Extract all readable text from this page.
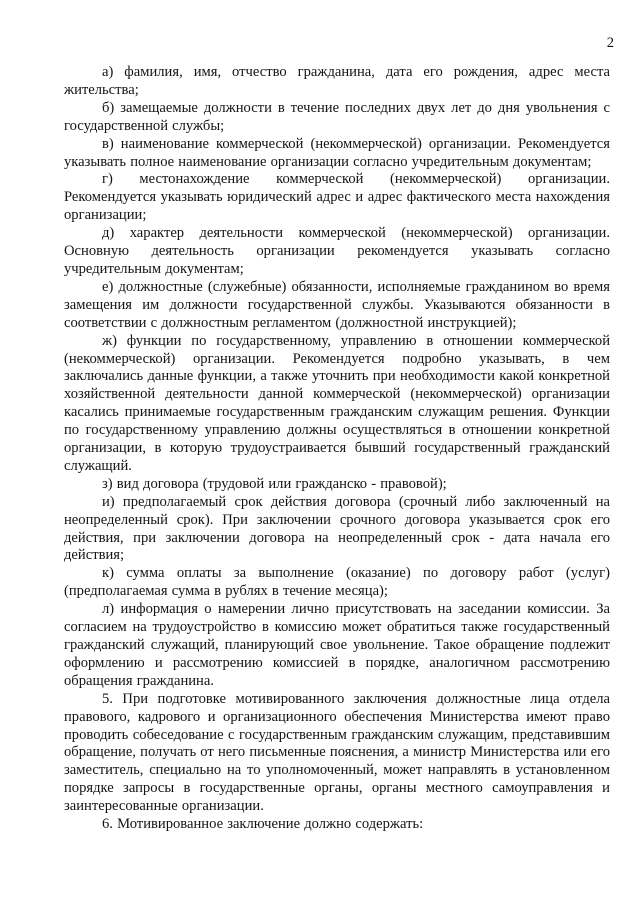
2

а) фамилия, имя, отчество гражданина, дата его рождения, адрес места жительства;

б) замещаемые должности в течение последних двух лет до дня увольнения с государственной службы;

в) наименование коммерческой (некоммерческой) организации. Рекомендуется указывать полное наименование организации согласно учредительным документам;

г) местонахождение коммерческой (некоммерческой) организации. Рекомендуется указывать юридический адрес и адрес фактического места нахождения организации;

д) характер деятельности коммерческой (некоммерческой) организации. Основную деятельность организации рекомендуется указывать согласно учредительным документам;

е) должностные (служебные) обязанности, исполняемые гражданином во время замещения им должности государственной службы. Указываются обязанности в соответствии с должностным регламентом (должностной инструкцией);

ж) функции по государственному, управлению в отношении коммерческой (некоммерческой) организации. Рекомендуется подробно указывать, в чем заключались данные функции, а также уточнить при необходимости какой конкретной хозяйственной деятельности данной коммерческой (некоммерческой) организации касались принимаемые государственным гражданским служащим решения. Функции по государственному управлению должны осуществляться в отношении конкретной организации, в которую трудоустраивается бывший государственный гражданский служащий.

з) вид договора (трудовой или гражданско - правовой);

и) предполагаемый срок действия договора (срочный либо заключенный на неопределенный срок). При заключении срочного договора указывается срок его действия, при заключении договора на неопределенный срок - дата начала его действия;

к) сумма оплаты за выполнение (оказание) по договору работ (услуг) (предполагаемая сумма в рублях в течение месяца);

л) информация о намерении лично присутствовать на заседании комиссии. За согласием на трудоустройство в комиссию может обратиться также государственный гражданский служащий, планирующий свое увольнение. Такое обращение подлежит оформлению и рассмотрению комиссией в порядке, аналогичном рассмотрению обращения гражданина.

5. При подготовке мотивированного заключения должностные лица отдела правового, кадрового и организационного обеспечения Министерства имеют право проводить собеседование с государственным гражданским служащим, представившим обращение, получать от него письменные пояснения, а министр Министерства или его заместитель, специально на то уполномоченный, может направлять в установленном порядке запросы в государственные органы, органы местного самоуправления и заинтересованные организации.

6. Мотивированное заключение должно содержать:
